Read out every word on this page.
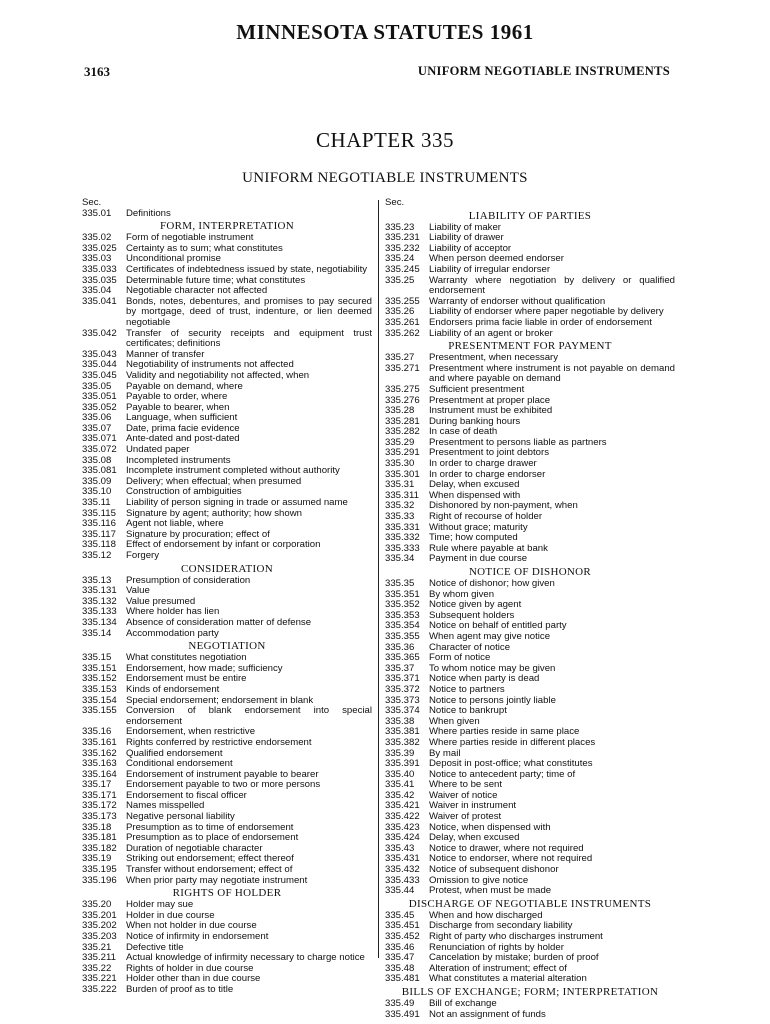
MINNESOTA STATUTES 1961
3163	UNIFORM NEGOTIABLE INSTRUMENTS
CHAPTER 335
UNIFORM NEGOTIABLE INSTRUMENTS
Sec.
335.01	Definitions
FORM, INTERPRETATION
335.02	Form of negotiable instrument
335.025 Certainty as to sum; what constitutes
335.03	Unconditional promise
335.033 Certificates of indebtedness issued by state, negotiability
335.035 Determinable future time; what constitutes
335.04	Negotiable character not affected
335.041 Bonds, notes, debentures, and promises to pay secured by mortgage, deed of trust, indenture, or lien deemed negotiable
335.042 Transfer of security receipts and equipment trust certificates; definitions
335.043 Manner of transfer
335.044 Negotiability of instruments not affected
335.045 Validity and negotiability not affected, when
335.05	Payable on demand, where
335.051 Payable to order, where
335.052 Payable to bearer, when
335.06	Language, when sufficient
335.07	Date, prima facie evidence
335.071 Ante-dated and post-dated
335.072 Undated paper
335.08	Incompleted instruments
335.081 Incomplete instrument completed without authority
335.09	Delivery; when effectual; when presumed
335.10	Construction of ambiguities
335.11	Liability of person signing in trade or assumed name
335.115	Signature by agent; authority; how shown
335.116	Agent not liable, where
335.117	Signature by procuration; effect of
335.118	Effect of endorsement by infant or corporation
335.12	Forgery
CONSIDERATION
335.13	Presumption of consideration
335.131 Value
335.132 Value presumed
335.133 Where holder has lien
335.134 Absence of consideration matter of defense
335.14	Accommodation party
NEGOTIATION
335.15	What constitutes negotiation
335.151 Endorsement, how made; sufficiency
335.152 Endorsement must be entire
335.153 Kinds of endorsement
335.154 Special endorsement; endorsement in blank
335.155 Conversion of blank endorsement into special endorsement
335.16	Endorsement, when restrictive
335.161 Rights conferred by restrictive endorsement
335.162 Qualified endorsement
335.163 Conditional endorsement
335.164 Endorsement of instrument payable to bearer
335.17	Endorsement payable to two or more persons
335.171 Endorsement to fiscal officer
335.172 Names misspelled
335.173 Negative personal liability
335.18	Presumption as to time of endorsement
335.181 Presumption as to place of endorsement
335.182 Duration of negotiable character
335.19	Striking out endorsement; effect thereof
335.195 Transfer without endorsement; effect of
335.196 When prior party may negotiate instrument
RIGHTS OF HOLDER
335.20	Holder may sue
335.201 Holder in due course
335.202 When not holder in due course
335.203 Notice of infirmity in endorsement
335.21	Defective title
335.211	Actual knowledge of infirmity necessary to charge notice
335.22	Rights of holder in due course
335.221 Holder other than in due course
335.222 Burden of proof as to title
Sec.
LIABILITY OF PARTIES
335.23	Liability of maker
335.231 Liability of drawer
335.232 Liability of acceptor
335.24	When person deemed endorser
335.245 Liability of irregular endorser
335.25	Warranty where negotiation by delivery or qualified endorsement
335.255 Warranty of endorser without qualification
335.26	Liability of endorser where paper negotiable by delivery
335.261 Endorsers prima facie liable in order of endorsement
335.262 Liability of an agent or broker
PRESENTMENT FOR PAYMENT
335.27	Presentment, when necessary
335.271 Presentment where instrument is not payable on demand and where payable on demand
335.275 Sufficient presentment
335.276 Presentment at proper place
335.28	Instrument must be exhibited
335.281 During banking hours
335.282 In case of death
335.29	Presentment to persons liable as partners
335.291 Presentment to joint debtors
335.30	In order to charge drawer
335.301 In order to charge endorser
335.31	Delay, when excused
335.311	When dispensed with
335.32	Dishonored by non-payment, when
335.33	Right of recourse of holder
335.331 Without grace; maturity
335.332 Time; how computed
335.333 Rule where payable at bank
335.34	Payment in due course
NOTICE OF DISHONOR
335.35	Notice of dishonor; how given
335.351 By whom given
335.352 Notice given by agent
335.353 Subsequent holders
335.354 Notice on behalf of entitled party
335.355 When agent may give notice
335.36	Character of notice
335.365 Form of notice
335.37	To whom notice may be given
335.371 Notice when party is dead
335.372 Notice to partners
335.373 Notice to persons jointly liable
335.374 Notice to bankrupt
335.38	When given
335.381 Where parties reside in same place
335.382 Where parties reside in different places
335.39	By mail
335.391 Deposit in post-office; what constitutes
335.40	Notice to antecedent party; time of
335.41	Where to be sent
335.42	Waiver of notice
335.421 Waiver in instrument
335.422 Waiver of protest
335.423 Notice, when dispensed with
335.424 Delay, when excused
335.43	Notice to drawer, where not required
335.431 Notice to endorser, where not required
335.432 Notice of subsequent dishonor
335.433 Omission to give notice
335.44	Protest, when must be made
DISCHARGE OF NEGOTIABLE INSTRUMENTS
335.45	When and how discharged
335.451 Discharge from secondary liability
335.452 Right of party who discharges instrument
335.46	Renunciation of rights by holder
335.47	Cancelation by mistake; burden of proof
335.48	Alteration of instrument; effect of
335.481 What constitutes a material alteration
BILLS OF EXCHANGE; FORM; INTERPRETATION
335.49	Bill of exchange
335.491 Not an assignment of funds
